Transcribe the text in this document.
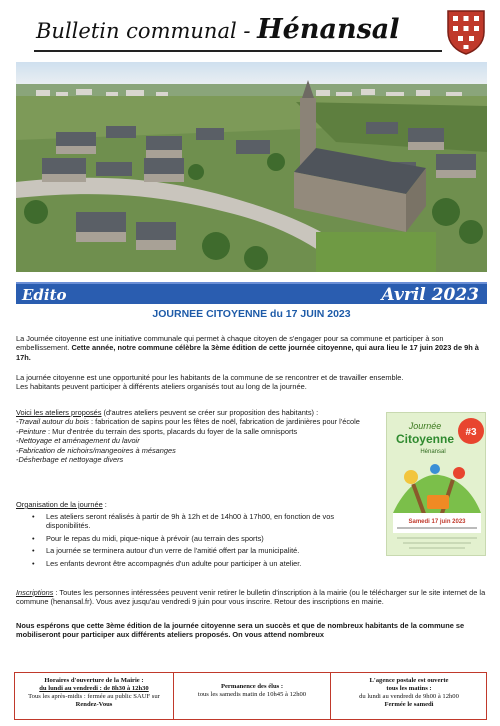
Bulletin communal - Hénansal
Edito	Avril 2023
JOURNEE CITOYENNE du 17 JUIN 2023
La Journée citoyenne est une initiative communale qui permet à chaque citoyen de s'engager pour sa commune et participer à son embellissement. Cette année, notre commune célèbre la 3ème édition de cette journée citoyenne, qui aura lieu le 17 juin 2023 de 9h à 17h.
La journée citoyenne est une opportunité pour les habitants de la commune de se rencontrer et de travailler ensemble.
Les habitants peuvent participer à différents ateliers organisés tout au long de la journée.
Voici les ateliers proposés (d'autres ateliers peuvent se créer sur proposition des habitants) :
-Travail autour du bois : fabrication de sapins pour les fêtes de noël, fabrication de jardinières pour l'école
-Peinture : Mur d'entrée du terrain des sports, placards du foyer de la salle omnisports
-Nettoyage et aménagement du lavoir
-Fabrication de nichoirs/mangeoires à mésanges
-Désherbage et nettoyage divers
Organisation de la journée :
• Les ateliers seront réalisés à partir de 9h à 12h et de 14h00 à 17h00, en fonction de vos disponibilités.
• Pour le repas du midi, pique-nique à prévoir (au terrain des sports)
• La journée se terminera autour d'un verre de l'amitié offert par la municipalité.
• Les enfants devront être accompagnés d'un adulte pour participer à un atelier.
#3
Journée
Citoyenne
Hénansal
Samedi 17 juin 2023
Inscriptions : Toutes les personnes intéressées peuvent venir retirer le bulletin d'inscription à la mairie (ou le télécharger sur le site internet de la commune (henansal.fr). Vous avez jusqu'au vendredi 9 juin pour vous inscrire. Retour des inscriptions en mairie.
Nous espérons que cette 3ème édition de la journée citoyenne sera un succès et que de nombreux habitants de la commune se mobiliseront pour participer aux différents ateliers proposés. On vous attend nombreux
Horaires d'ouverture de la Mairie :
du lundi au vendredi : de 8h30 à 12h30
Tous les après-midis : fermée au public SAUF sur
Rendez-Vous
Permanence des élus :
tous les samedis matin de 10h45 à 12h00
L'agence postale est ouverte
tous les matins :
du lundi au vendredi de 9h00 à 12h00
Fermée le samedi
